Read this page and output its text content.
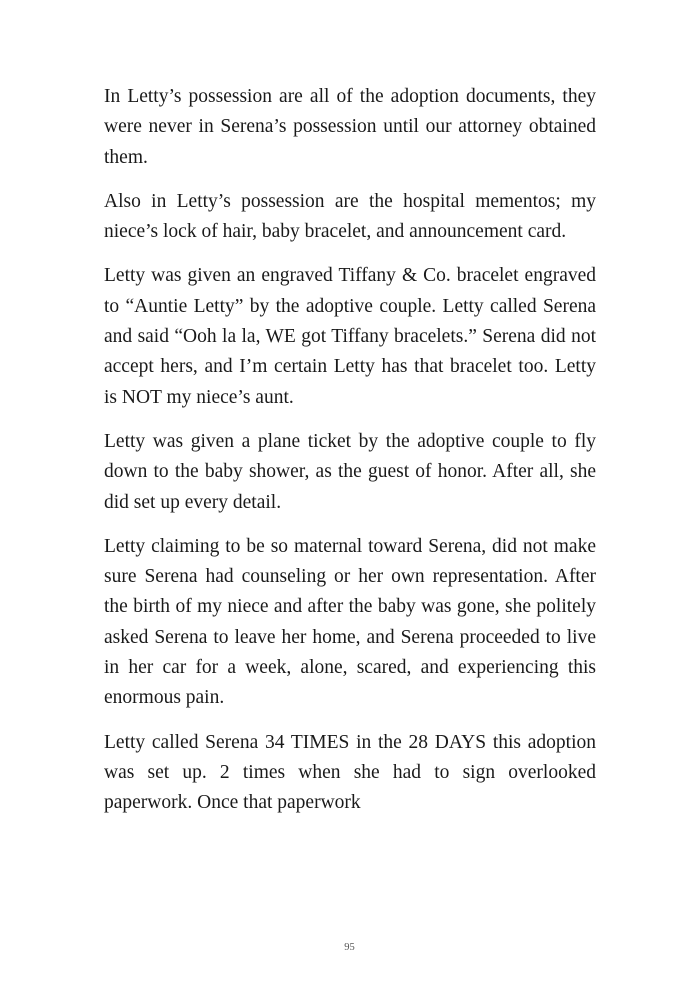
In Letty’s possession are all of the adoption documents, they were never in Serena’s possession until our attorney obtained them.

Also in Letty’s possession are the hospital mementos; my niece’s lock of hair, baby bracelet, and announcement card.

Letty was given an engraved Tiffany & Co. bracelet engraved to “Auntie Letty” by the adoptive couple. Letty called Serena and said “Ooh la la, WE got Tiffany bracelets.” Serena did not accept hers, and I’m certain Letty has that bracelet too. Letty is NOT my niece’s aunt.

Letty was given a plane ticket by the adoptive couple to fly down to the baby shower, as the guest of honor. After all, she did set up every detail.

Letty claiming to be so maternal toward Serena, did not make sure Serena had counseling or her own representation. After the birth of my niece and after the baby was gone, she politely asked Serena to leave her home, and Serena proceeded to live in her car for a week, alone, scared, and experiencing this enormous pain.

Letty called Serena 34 TIMES in the 28 DAYS this adoption was set up. 2 times when she had to sign overlooked paperwork. Once that paperwork

95
